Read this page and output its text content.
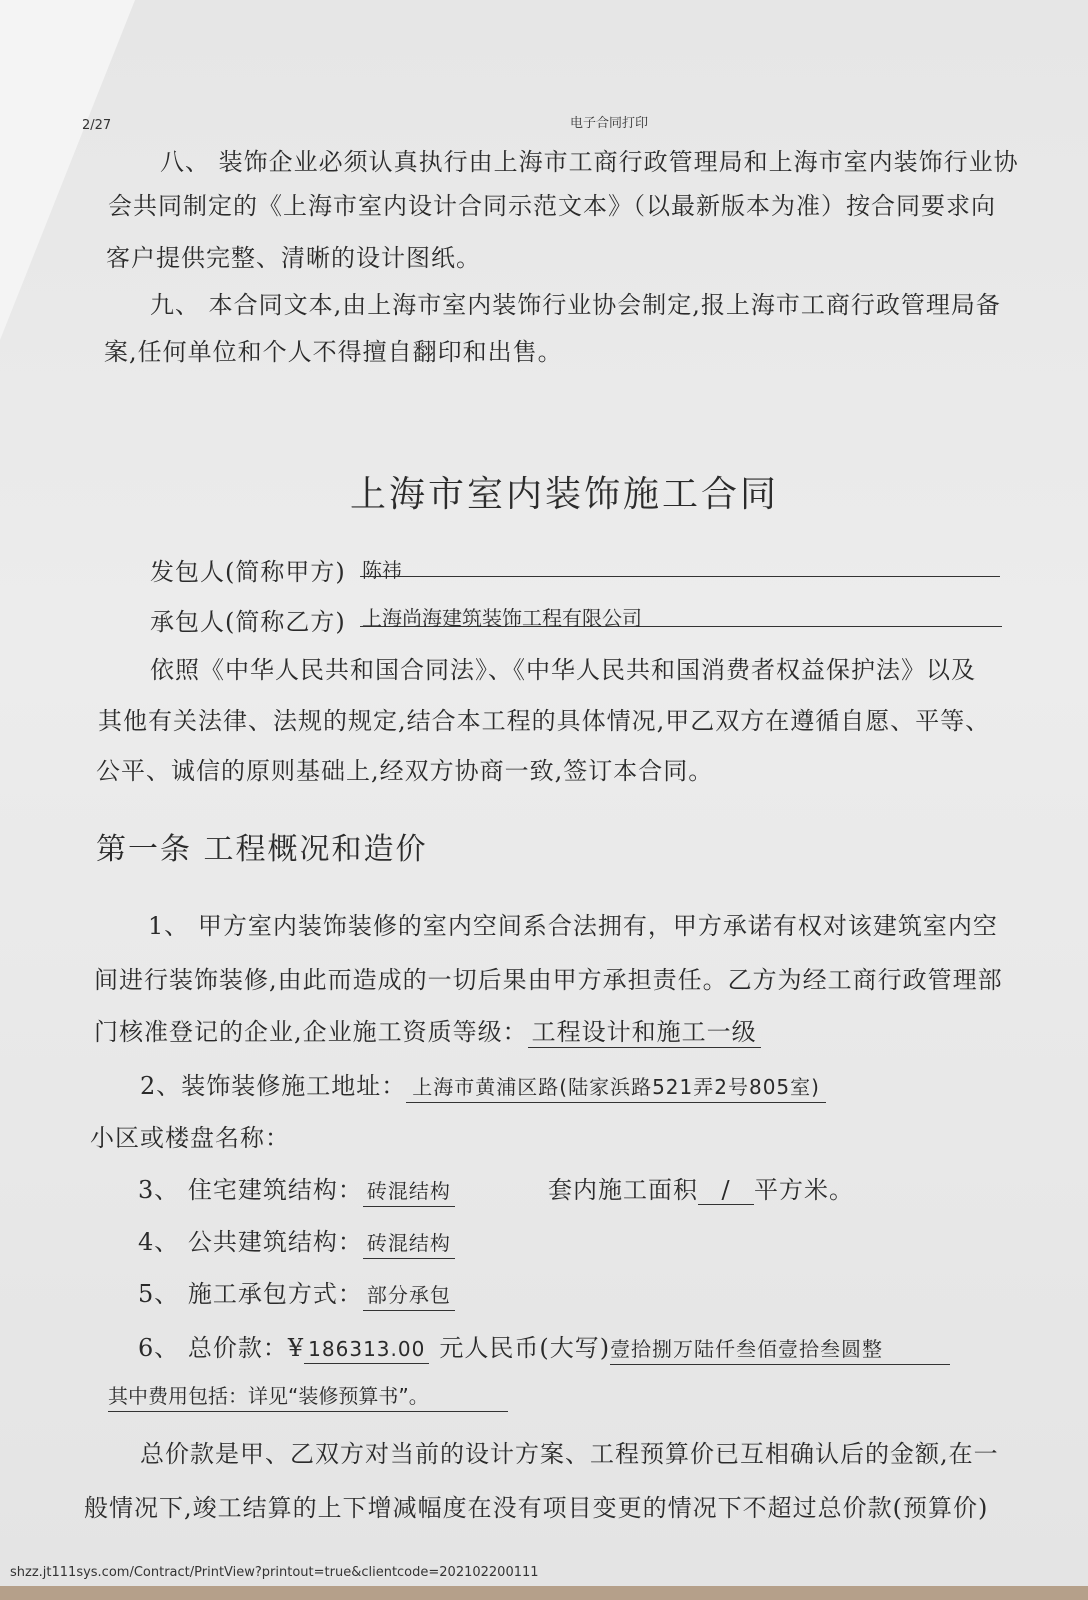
2/27	电子合同打印
八、 装饰企业必须认真执行由上海市工商行政管理局和上海市室内装饰行业协
会共同制定的《上海市室内设计合同示范文本》（以最新版本为准）按合同要求向
客户提供完整、清晰的设计图纸。
九、 本合同文本,由上海市室内装饰行业协会制定,报上海市工商行政管理局备
案,任何单位和个人不得擅自翻印和出售。
上海市室内装饰施工合同
发包人(简称甲方) 陈祎
承包人(简称乙方) 上海尚海建筑装饰工程有限公司
依照《中华人民共和国合同法》、《中华人民共和国消费者权益保护法》以及
其他有关法律、法规的规定,结合本工程的具体情况,甲乙双方在遵循自愿、平等、
公平、诚信的原则基础上,经双方协商一致,签订本合同。
第一条 工程概况和造价
1、 甲方室内装饰装修的室内空间系合法拥有，甲方承诺有权对该建筑室内空
间进行装饰装修,由此而造成的一切后果由甲方承担责任。乙方为经工商行政管理部
门核准登记的企业,企业施工资质等级： 工程设计和施工一级
2、装饰装修施工地址： 上海市黄浦区路(陆家浜路521弄2号805室)
小区或楼盘名称：
3、 住宅建筑结构： 砖混结构	套内施工面积 / 平方米。
4、 公共建筑结构： 砖混结构
5、 施工承包方式： 部分承包
6、 总价款：¥ 186313.00 元人民币(大写)壹拾捌万陆仟叁佰壹拾叁圆整
其中费用包括：详见“装修预算书”。
总价款是甲、乙双方对当前的设计方案、工程预算价已互相确认后的金额,在一
般情况下,竣工结算的上下增减幅度在没有项目变更的情况下不超过总价款(预算价)
shzz.jt111sys.com/Contract/PrintView?printout=true&clientcode=202102200111
